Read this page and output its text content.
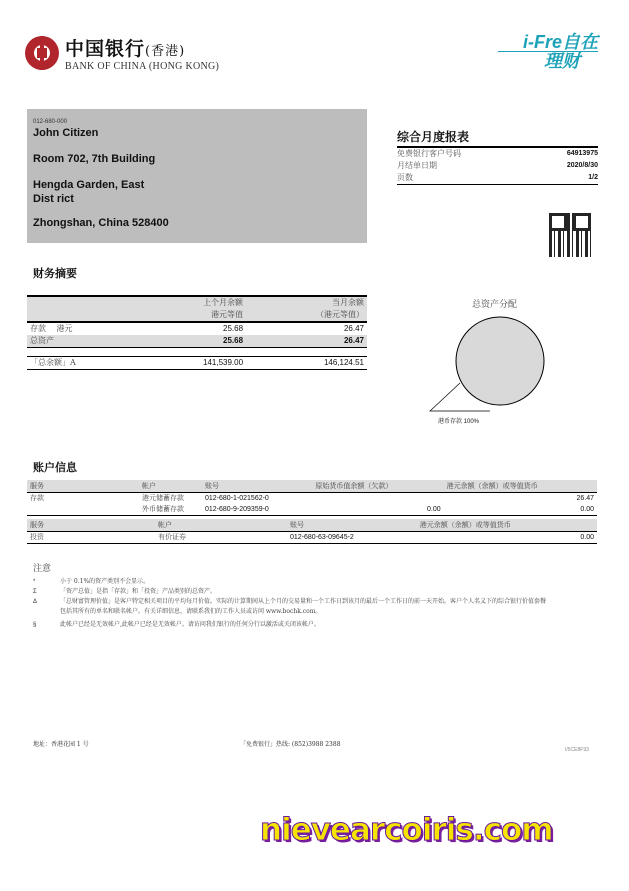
中国银行(香港)
BANK OF CHINA (HONG KONG)
i-Fre自在
理财
012-680-000
John Citizen
Room 702, 7th Building
Hengda Garden, East
Dist rict
Zhongshan, China 528400
综合月度报表
免费银行客户号码	64913975
月结单日期	2020/8/30
页数	1/2
财务摘要
	上个月余额	当月余额
	港元等值	（港元等值）
存款　 港元	25.68	26.47
总资产	25.68	26.47

「总余额」A	141,539.00	146,124.51
总资产分配
港币存款 100%
账户信息
服务	帐户	账号	原始货币值余额（欠款）	港元余额（余额）或等值货币
存款	港元储蓄存款	012-680-1-021562-0		26.47
	外币储蓄存款	012-680-9-209359-0	0.00	0.00
服务	帐户	账号	港元余额（余额）或等值货币
投资	有价证券	012-680-63-09645-2	0.00
注意
*	小于 0.1%的资产类别不会显示。
Σ	「资产总值」是指「存款」和「投资」产品类别的总资产。
Δ	「总财富管理价值」是客户特定相关项目的平均每月价值。实际的计算期间从上个月的交易量和一个工作日到该月的最后一个工作日的前一天开始。客户个人名义下的综合银行价值套餐
包括其所有的单名和联名帐户。有关详细信息，请联系我们的工作人员或访问 www.bochk.com。
§	此帐户已经是无效帐户,此帐户已经是无效帐户。请访问我们银行的任何分行以激活或关闭该帐户。
地址：香港花园 1 号	「免费银行」热线: (852)3988 2388
I/5CE8F93
nievearcoiris.com
